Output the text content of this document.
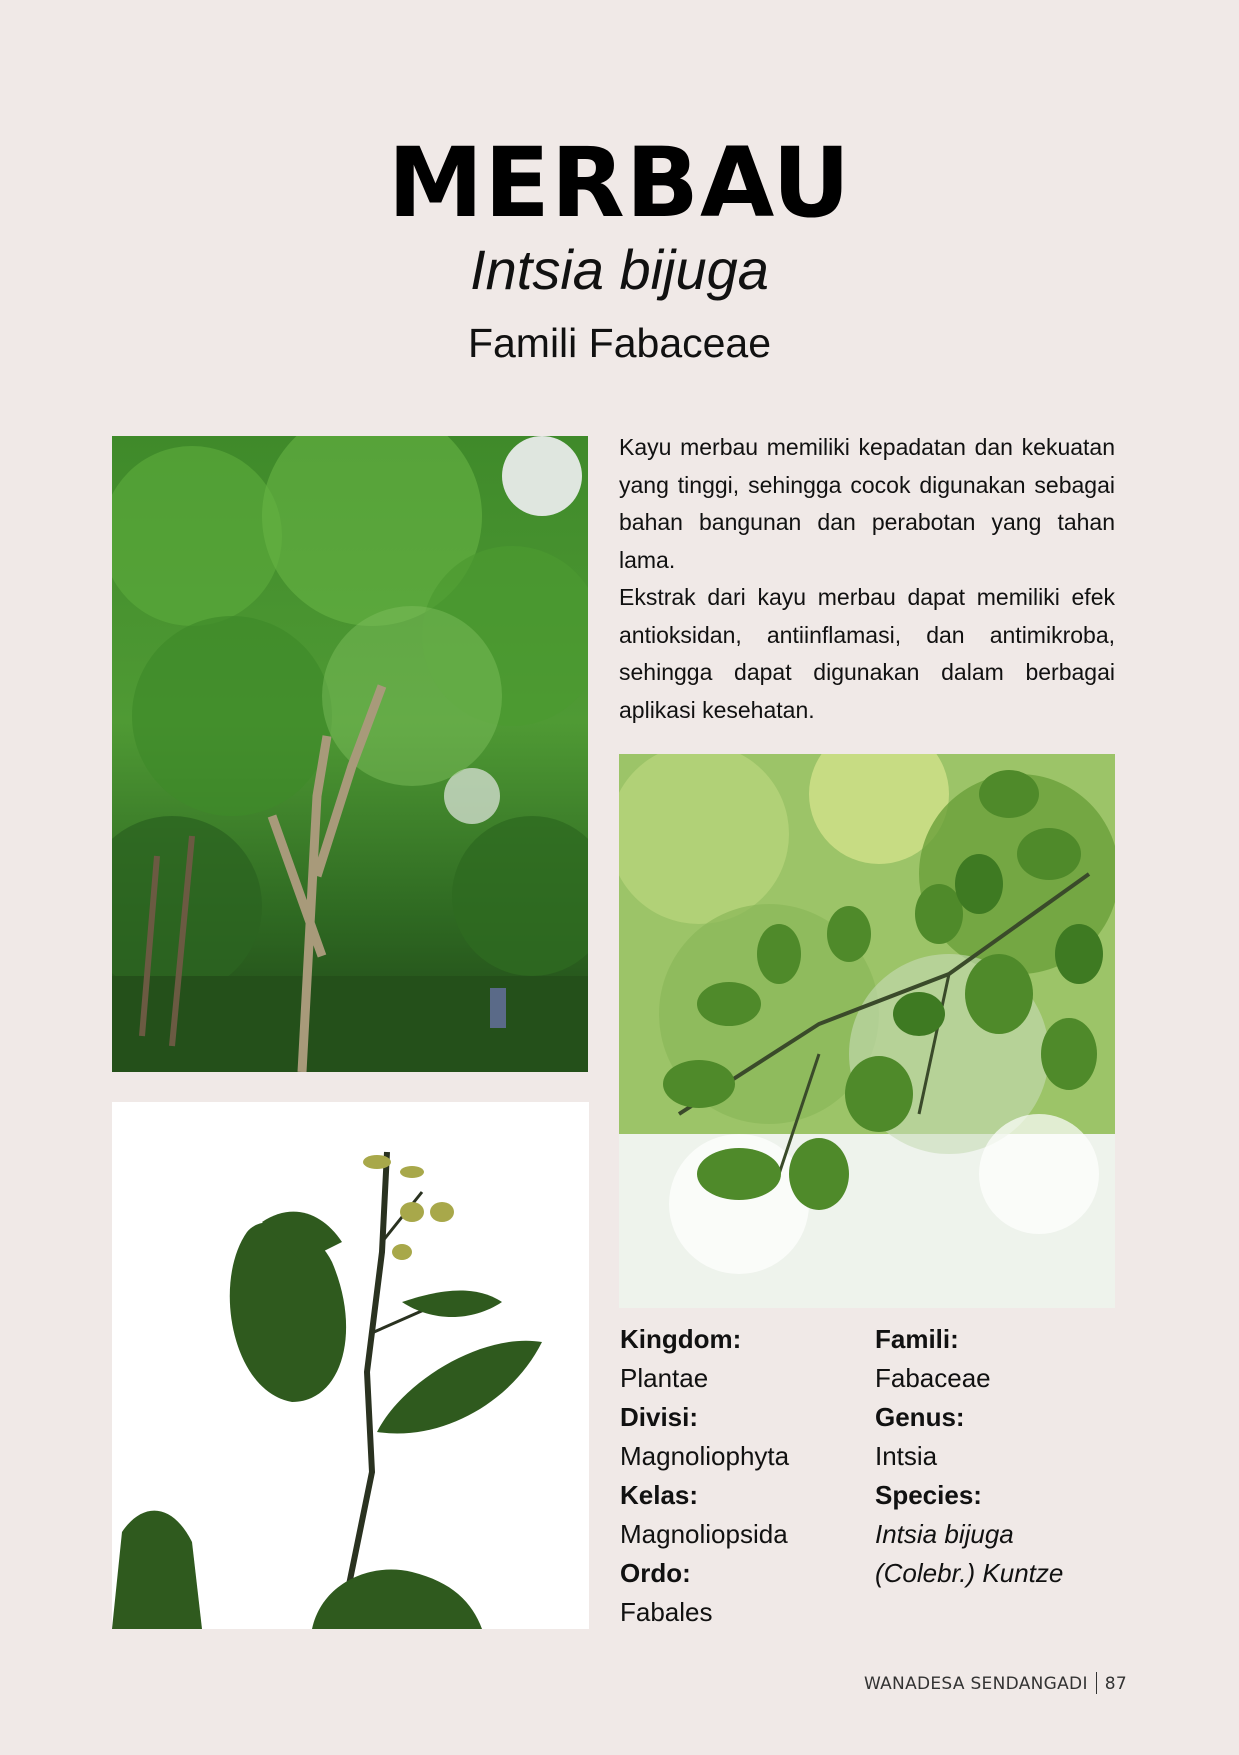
MERBAU
Intsia bijuga
Famili Fabaceae

Kayu merbau memiliki kepadatan dan kekuatan yang tinggi, sehingga cocok digunakan sebagai bahan bangunan dan perabotan yang tahan lama.

Ekstrak dari kayu merbau dapat memiliki efek antioksidan, antiinflamasi, dan antimikroba, sehingga dapat digunakan dalam berbagai aplikasi kesehatan.

Kingdom:
Plantae
Divisi:
Magnoliophyta
Kelas:
Magnoliopsida
Ordo:
Fabales
Famili:
Fabaceae
Genus:
Intsia
Species:
Intsia bijuga
(Colebr.) Kuntze
WANADESA SENDANGADI 87
